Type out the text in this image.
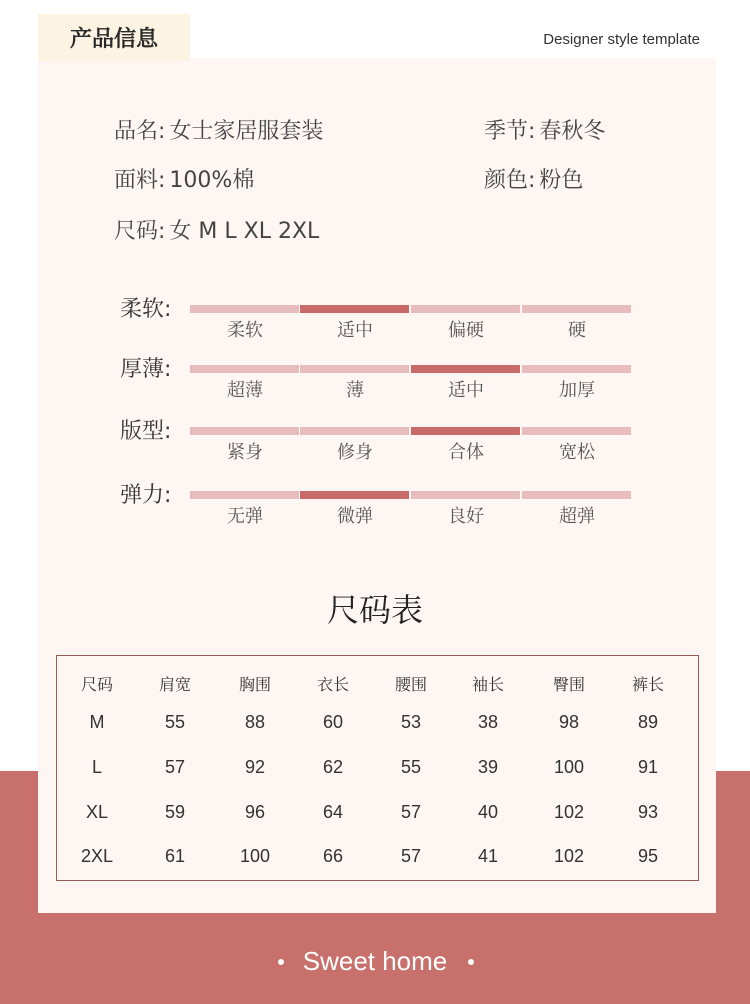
产品信息	Designer style template
品名: 女士家居服套装	季节: 春秋冬
面料: 100%棉	颜色: 粉色
尺码: 女 M L XL 2XL
柔软:
柔软	适中	偏硬	硬
厚薄:
超薄	薄	适中	加厚
版型:
紧身	修身	合体	宽松
弹力:
无弹	微弹	良好	超弹
尺码表
尺码	肩宽	胸围	衣长	腰围	袖长	臀围	裤长
M	55	88	60	53	38	98	89
L	57	92	62	55	39	100	91
XL	59	96	64	57	40	102	93
2XL	61	100	66	57	41	102	95
Sweet home
